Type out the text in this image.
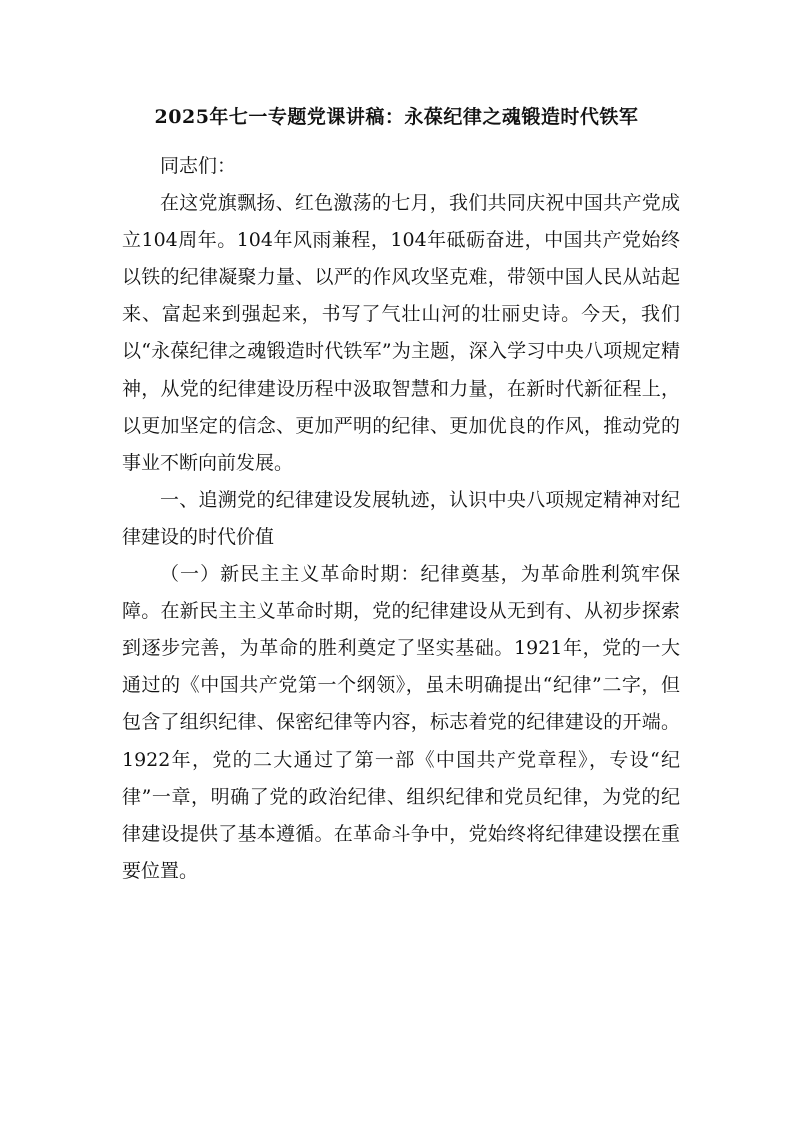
2025年七一专题党课讲稿：永葆纪律之魂锻造时代铁军

同志们：

在这党旗飘扬、红色激荡的七月，我们共同庆祝中国共产党成立104周年。104年风雨兼程，104年砥砺奋进，中国共产党始终以铁的纪律凝聚力量、以严的作风攻坚克难，带领中国人民从站起来、富起来到强起来，书写了气壮山河的壮丽史诗。今天，我们以“永葆纪律之魂锻造时代铁军”为主题，深入学习中央八项规定精神，从党的纪律建设历程中汲取智慧和力量，在新时代新征程上，以更加坚定的信念、更加严明的纪律、更加优良的作风，推动党的事业不断向前发展。

一、追溯党的纪律建设发展轨迹，认识中央八项规定精神对纪律建设的时代价值

（一）新民主主义革命时期：纪律奠基，为革命胜利筑牢保障。在新民主主义革命时期，党的纪律建设从无到有、从初步探索到逐步完善，为革命的胜利奠定了坚实基础。1921年，党的一大通过的《中国共产党第一个纲领》，虽未明确提出“纪律”二字，但包含了组织纪律、保密纪律等内容，标志着党的纪律建设的开端。1922年，党的二大通过了第一部《中国共产党章程》，专设“纪律”一章，明确了党的政治纪律、组织纪律和党员纪律，为党的纪律建设提供了基本遵循。在革命斗争中，党始终将纪律建设摆在重要位置。
